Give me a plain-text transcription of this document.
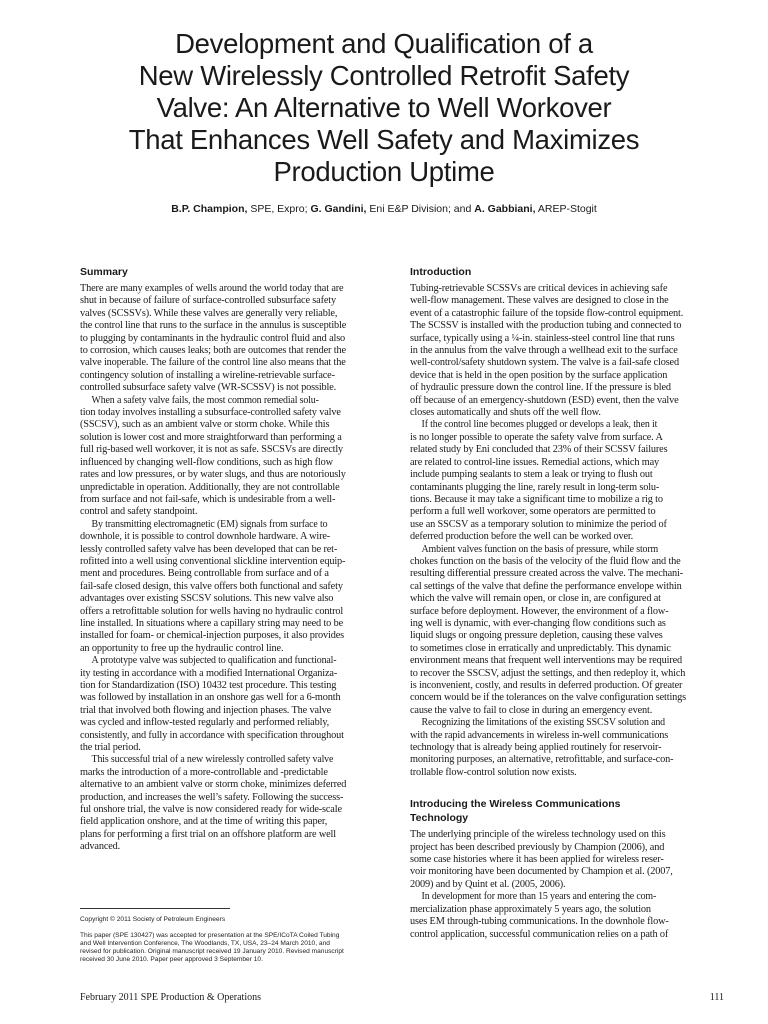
Development and Qualification of a
New Wirelessly Controlled Retrofit Safety
Valve: An Alternative to Well Workover
That Enhances Well Safety and Maximizes
Production Uptime
B.P. Champion, SPE, Expro; G. Gandini, Eni E&P Division; and A. Gabbiani, AREP-Stogit
Summary
There are many examples of wells around the world today that are
shut in because of failure of surface-controlled subsurface safety
valves (SCSSVs). While these valves are generally very reliable,
the control line that runs to the surface in the annulus is susceptible
to plugging by contaminants in the hydraulic control fluid and also
to corrosion, which causes leaks; both are outcomes that render the
valve inoperable. The failure of the control line also means that the
contingency solution of installing a wireline-retrievable surface-
controlled subsurface safety valve (WR-SCSSV) is not possible.
When a safety valve fails, the most common remedial solu-
tion today involves installing a subsurface-controlled safety valve
(SSCSV), such as an ambient valve or storm choke. While this
solution is lower cost and more straightforward than performing a
full rig-based well workover, it is not as safe. SSCSVs are directly
influenced by changing well-flow conditions, such as high flow
rates and low pressures, or by water slugs, and thus are notoriously
unpredictable in operation. Additionally, they are not controllable
from surface and not fail-safe, which is undesirable from a well-
control and safety standpoint.
By transmitting electromagnetic (EM) signals from surface to
downhole, it is possible to control downhole hardware. A wire-
lessly controlled safety valve has been developed that can be ret-
rofitted into a well using conventional slickline intervention equip-
ment and procedures. Being controllable from surface and of a
fail-safe closed design, this valve offers both functional and safety
advantages over existing SSCSV solutions. This new valve also
offers a retrofittable solution for wells having no hydraulic control
line installed. In situations where a capillary string may need to be
installed for foam- or chemical-injection purposes, it also provides
an opportunity to free up the hydraulic control line.
A prototype valve was subjected to qualification and functional-
ity testing in accordance with a modified International Organiza-
tion for Standardization (ISO) 10432 test procedure. This testing
was followed by installation in an onshore gas well for a 6-month
trial that involved both flowing and injection phases. The valve
was cycled and inflow-tested regularly and performed reliably,
consistently, and fully in accordance with specification throughout
the trial period.
This successful trial of a new wirelessly controlled safety valve
marks the introduction of a more-controllable and -predictable
alternative to an ambient valve or storm choke, minimizes deferred
production, and increases the well’s safety. Following the success-
ful onshore trial, the valve is now considered ready for wide-scale
field application onshore, and at the time of writing this paper,
plans for performing a first trial on an offshore platform are well
advanced.
Introduction
Tubing-retrievable SCSSVs are critical devices in achieving safe
well-flow management. These valves are designed to close in the
event of a catastrophic failure of the topside flow-control equipment.
The SCSSV is installed with the production tubing and connected to
surface, typically using a ¼-in. stainless-steel control line that runs
in the annulus from the valve through a wellhead exit to the surface
well-control/safety shutdown system. The valve is a fail-safe closed
device that is held in the open position by the surface application
of hydraulic pressure down the control line. If the pressure is bled
off because of an emergency-shutdown (ESD) event, then the valve
closes automatically and shuts off the well flow.
If the control line becomes plugged or develops a leak, then it
is no longer possible to operate the safety valve from surface. A
related study by Eni concluded that 23% of their SCSSV failures
are related to control-line issues. Remedial actions, which may
include pumping sealants to stem a leak or trying to flush out
contaminants plugging the line, rarely result in long-term solu-
tions. Because it may take a significant time to mobilize a rig to
perform a full well workover, some operators are permitted to
use an SSCSV as a temporary solution to minimize the period of
deferred production before the well can be worked over.
Ambient valves function on the basis of pressure, while storm
chokes function on the basis of the velocity of the fluid flow and the
resulting differential pressure created across the valve. The mechani-
cal settings of the valve that define the performance envelope within
which the valve will remain open, or close in, are configured at
surface before deployment. However, the environment of a flow-
ing well is dynamic, with ever-changing flow conditions such as
liquid slugs or ongoing pressure depletion, causing these valves
to sometimes close in erratically and unpredictably. This dynamic
environment means that frequent well interventions may be required
to recover the SSCSV, adjust the settings, and then redeploy it, which
is inconvenient, costly, and results in deferred production. Of greater
concern would be if the tolerances on the valve configuration settings
cause the valve to fail to close in during an emergency event.
Recognizing the limitations of the existing SSCSV solution and
with the rapid advancements in wireless in-well communications
technology that is already being applied routinely for reservoir-
monitoring purposes, an alternative, retrofittable, and surface-con-
trollable flow-control solution now exists.
Introducing the Wireless Communications
Technology
The underlying principle of the wireless technology used on this
project has been described previously by Champion (2006), and
some case histories where it has been applied for wireless reser-
voir monitoring have been documented by Champion et al. (2007,
2009) and by Quint et al. (2005, 2006).
In development for more than 15 years and entering the com-
mercialization phase approximately 5 years ago, the solution
uses EM through-tubing communications. In the downhole flow-
control application, successful communication relies on a path of
Copyright © 2011 Society of Petroleum Engineers
This paper (SPE 130427) was accepted for presentation at the SPE/ICoTA Coiled Tubing
and Well Intervention Conference, The Woodlands, TX, USA, 23–24 March 2010, and
revised for publication. Original manuscript received 19 January 2010. Revised manuscript
received 30 June 2010. Paper peer approved 3 September 10.
February 2011 SPE Production & Operations	111
